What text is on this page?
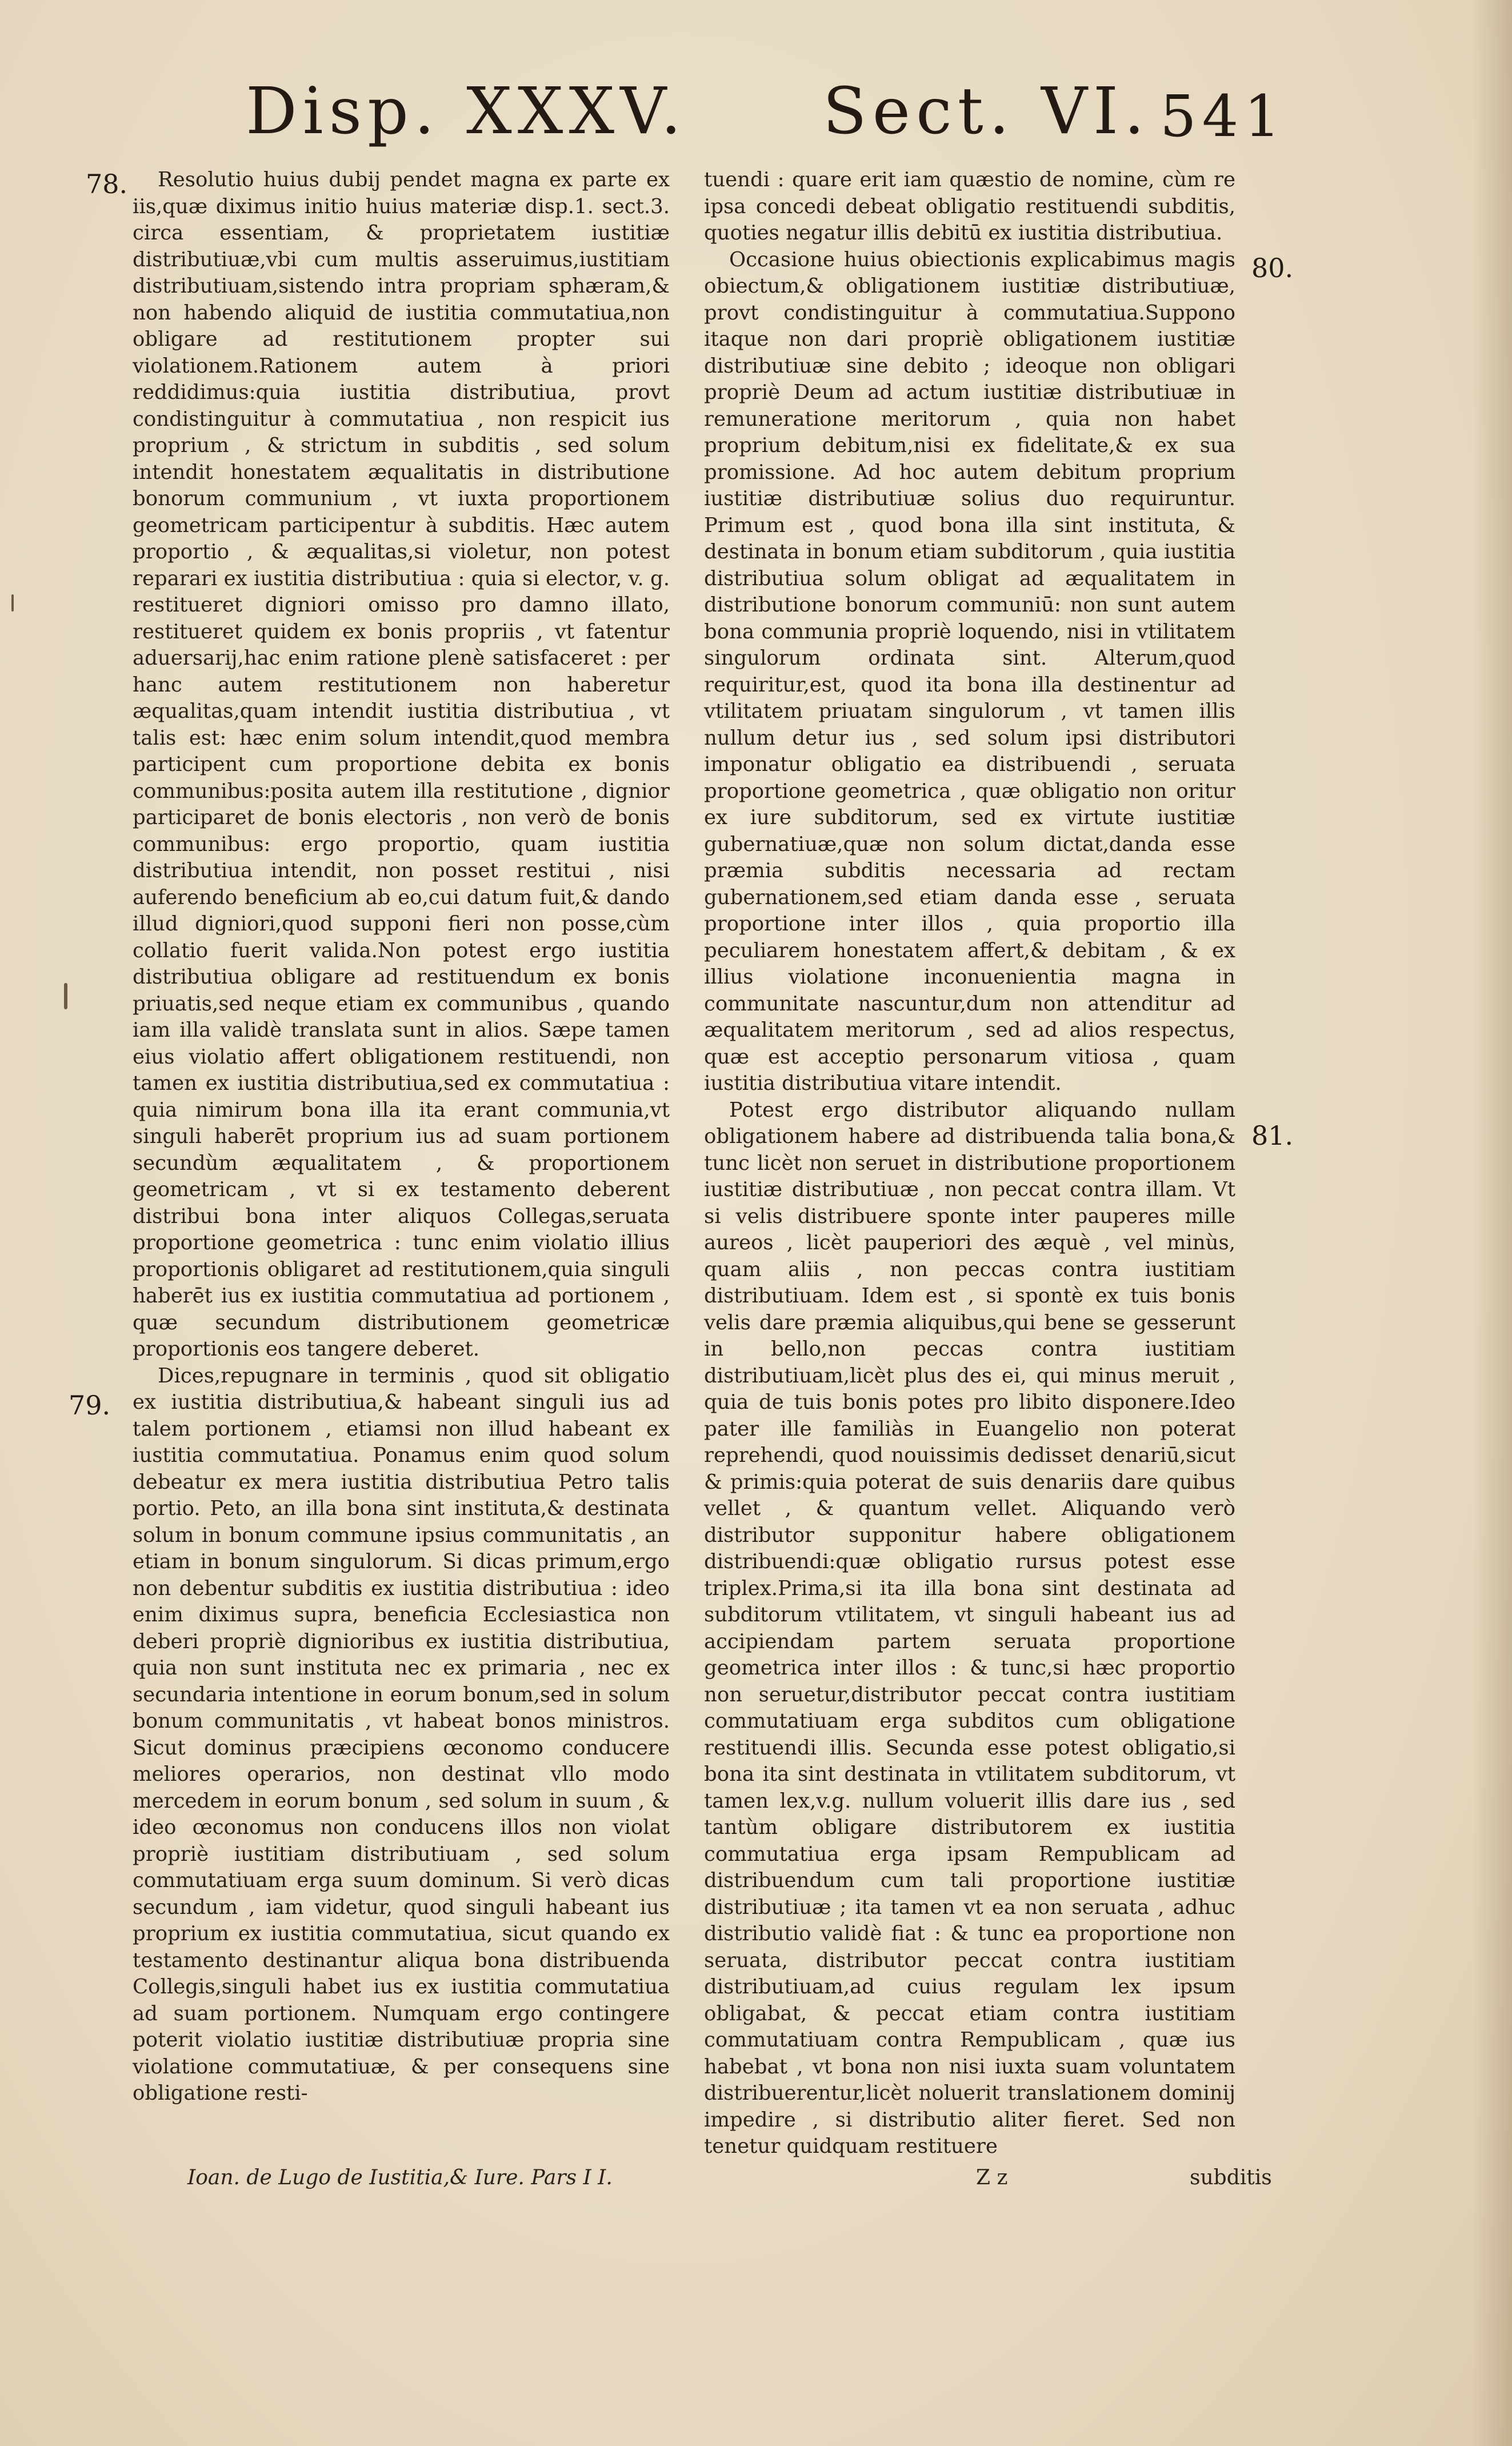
Disp. XXXV. Sect. VI. 541
78.
79.
80.
81.

Resolutio huius dubij pendet magna ex parte ex iis,quæ diximus initio huius materiæ disp.1. sect.3. circa essentiam, & proprietatem iustitiæ distributiuæ,vbi cum multis asseruimus,iustitiam distributiuam,sistendo intra propriam sphæram,& non habendo aliquid de iustitia commutatiua,non obligare ad restitutionem propter sui violationem.Rationem autem à priori reddidimus:quia iustitia distributiua, provt condistinguitur à commutatiua , non respicit ius proprium , & strictum in subditis , sed solum intendit honestatem æqualitatis in distributione bonorum communium , vt iuxta proportionem geometricam participentur à subditis. Hæc autem proportio , & æqualitas,si violetur, non potest reparari ex iustitia distributiua : quia si elector, v. g. restitueret digniori omisso pro damno illato, restitueret quidem ex bonis propriis , vt fatentur aduersarij,hac enim ratione plenè satisfaceret : per hanc autem restitutionem non haberetur æqualitas,quam intendit iustitia distributiua , vt talis est: hæc enim solum intendit,quod membra participent cum proportione debita ex bonis communibus:posita autem illa restitutione , dignior participaret de bonis electoris , non verò de bonis communibus: ergo proportio, quam iustitia distributiua intendit, non posset restitui , nisi auferendo beneficium ab eo,cui datum fuit,& dando illud digniori,quod supponi fieri non posse,cùm collatio fuerit valida.Non potest ergo iustitia distributiua obligare ad restituendum ex bonis priuatis,sed neque etiam ex communibus , quando iam illa validè translata sunt in alios. Sæpe tamen eius violatio affert obligationem restituendi, non tamen ex iustitia distributiua,sed ex commutatiua : quia nimirum bona illa ita erant communia,vt singuli haberēt proprium ius ad suam portionem secundùm æqualitatem , & proportionem geometricam , vt si ex testamento deberent distribui bona inter aliquos Collegas,seruata proportione geometrica : tunc enim violatio illius proportionis obligaret ad restitutionem,quia singuli haberēt ius ex iustitia commutatiua ad portionem , quæ secundum distributionem geometricæ proportionis eos tangere deberet.

Dices,repugnare in terminis , quod sit obligatio ex iustitia distributiua,& habeant singuli ius ad talem portionem , etiamsi non illud habeant ex iustitia commutatiua. Ponamus enim quod solum debeatur ex mera iustitia distributiua Petro talis portio. Peto, an illa bona sint instituta,& destinata solum in bonum commune ipsius communitatis , an etiam in bonum singulorum. Si dicas primum,ergo non debentur subditis ex iustitia distributiua : ideo enim diximus supra, beneficia Ecclesiastica non deberi propriè dignioribus ex iustitia distributiua, quia non sunt instituta nec ex primaria , nec ex secundaria intentione in eorum bonum,sed in solum bonum communitatis , vt habeat bonos ministros. Sicut dominus præcipiens œconomo conducere meliores operarios, non destinat vllo modo mercedem in eorum bonum , sed solum in suum , & ideo œconomus non conducens illos non violat propriè iustitiam distributiuam , sed solum commutatiuam erga suum dominum. Si verò dicas secundum , iam videtur, quod singuli habeant ius proprium ex iustitia commutatiua, sicut quando ex testamento destinantur aliqua bona distribuenda Collegis,singuli habet ius ex iustitia commutatiua ad suam portionem. Numquam ergo contingere poterit violatio iustitiæ distributiuæ propria sine violatione commutatiuæ, & per consequens sine obligatione resti-

tuendi : quare erit iam quæstio de nomine, cùm re ipsa concedi debeat obligatio restituendi subditis, quoties negatur illis debitū ex iustitia distributiua.

Occasione huius obiectionis explicabimus magis obiectum,& obligationem iustitiæ distributiuæ, provt condistinguitur à commutatiua.Suppono itaque non dari propriè obligationem iustitiæ distributiuæ sine debito ; ideoque non obligari propriè Deum ad actum iustitiæ distributiuæ in remuneratione meritorum , quia non habet proprium debitum,nisi ex fidelitate,& ex sua promissione. Ad hoc autem debitum proprium iustitiæ distributiuæ solius duo requiruntur. Primum est , quod bona illa sint instituta, & destinata in bonum etiam subditorum , quia iustitia distributiua solum obligat ad æqualitatem in distributione bonorum communiū: non sunt autem bona communia propriè loquendo, nisi in vtilitatem singulorum ordinata sint. Alterum,quod requiritur,est, quod ita bona illa destinentur ad vtilitatem priuatam singulorum , vt tamen illis nullum detur ius , sed solum ipsi distributori imponatur obligatio ea distribuendi , seruata proportione geometrica , quæ obligatio non oritur ex iure subditorum, sed ex virtute iustitiæ gubernatiuæ,quæ non solum dictat,danda esse præmia subditis necessaria ad rectam gubernationem,sed etiam danda esse , seruata proportione inter illos , quia proportio illa peculiarem honestatem affert,& debitam , & ex illius violatione inconuenientia magna in communitate nascuntur,dum non attenditur ad æqualitatem meritorum , sed ad alios respectus, quæ est acceptio personarum vitiosa , quam iustitia distributiua vitare intendit.

Potest ergo distributor aliquando nullam obligationem habere ad distribuenda talia bona,& tunc licèt non seruet in distributione proportionem iustitiæ distributiuæ , non peccat contra illam. Vt si velis distribuere sponte inter pauperes mille aureos , licèt pauperiori des æquè , vel minùs, quam aliis , non peccas contra iustitiam distributiuam. Idem est , si spontè ex tuis bonis velis dare præmia aliquibus,qui bene se gesserunt in bello,non peccas contra iustitiam distributiuam,licèt plus des ei, qui minus meruit , quia de tuis bonis potes pro libito disponere.Ideo pater ille familiàs in Euangelio non poterat reprehendi, quod nouissimis dedisset denariū,sicut & primis:quia poterat de suis denariis dare quibus vellet , & quantum vellet. Aliquando verò distributor supponitur habere obligationem distribuendi:quæ obligatio rursus potest esse triplex.Prima,si ita illa bona sint destinata ad subditorum vtilitatem, vt singuli habeant ius ad accipiendam partem seruata proportione geometrica inter illos : & tunc,si hæc proportio non seruetur,distributor peccat contra iustitiam commutatiuam erga subditos cum obligatione restituendi illis. Secunda esse potest obligatio,si bona ita sint destinata in vtilitatem subditorum, vt tamen lex,v.g. nullum voluerit illis dare ius , sed tantùm obligare distributorem ex iustitia commutatiua erga ipsam Rempublicam ad distribuendum cum tali proportione iustitiæ distributiuæ ; ita tamen vt ea non seruata , adhuc distributio validè fiat : & tunc ea proportione non seruata, distributor peccat contra iustitiam distributiuam,ad cuius regulam lex ipsum obligabat, & peccat etiam contra iustitiam commutatiuam contra Rempublicam , quæ ius habebat , vt bona non nisi iuxta suam voluntatem distribuerentur,licèt noluerit translationem dominij impedire , si distributio aliter fieret. Sed non tenetur quidquam restituere

Ioan. de Lugo de Iustitia,& Iure. Pars I I.	Z z	subditis
